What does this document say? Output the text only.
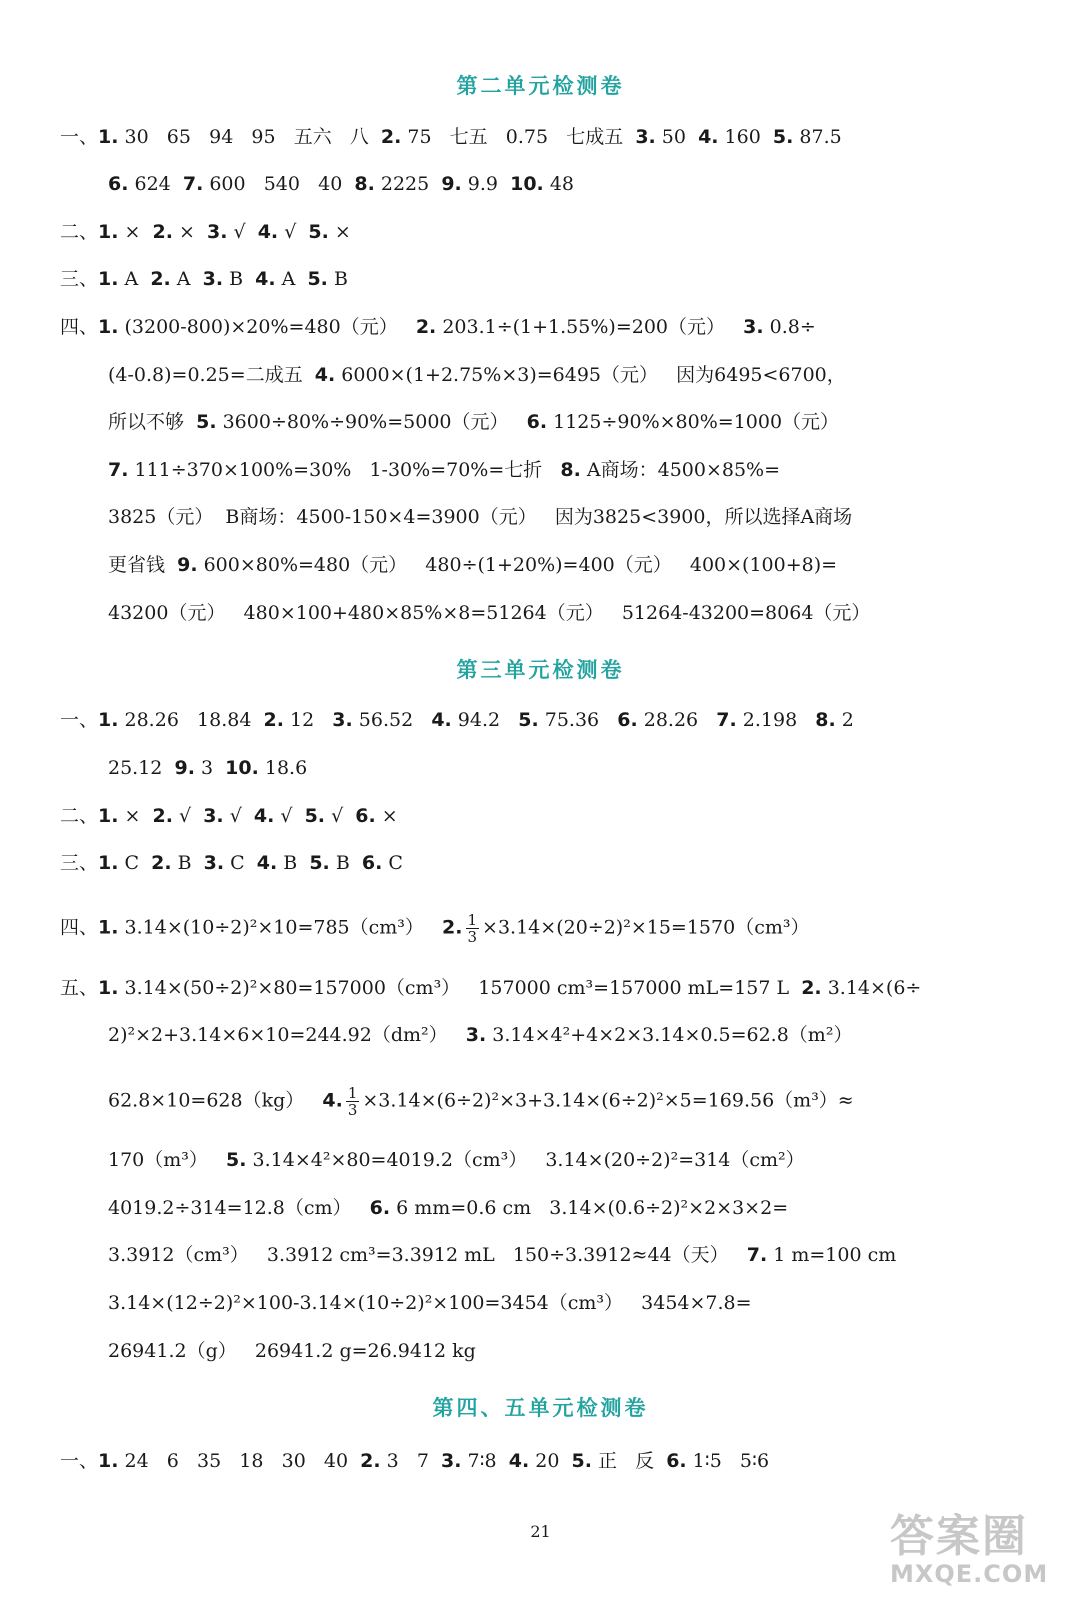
第二单元检测卷
一、1. 30   65   94   95   五六   八  2. 75   七五   0.75   七成五  3. 50  4. 160  5. 87.5
6. 624  7. 600   540   40  8. 2225  9. 9.9  10. 48
二、1. ×  2. ×  3. √  4. √  5. ×
三、1. A  2. A  3. B  4. A  5. B
四、1. (3200-800)×20%=480（元）   2. 203.1÷(1+1.55%)=200（元）   3. 0.8÷
(4-0.8)=0.25=二成五  4. 6000×(1+2.75%×3)=6495（元）   因为6495<6700，
所以不够  5. 3600÷80%÷90%=5000（元）   6. 1125÷90%×80%=1000（元）
7. 111÷370×100%=30%   1-30%=70%=七折   8. A商场：4500×85%=
3825（元）  B商场：4500-150×4=3900（元）   因为3825<3900，所以选择A商场
更省钱  9. 600×80%=480（元）   480÷(1+20%)=400（元）   400×(100+8)=
43200（元）   480×100+480×85%×8=51264（元）   51264-43200=8064（元）
第三单元检测卷
一、1. 28.26   18.84  2. 12   3. 56.52   4. 94.2   5. 75.36   6. 28.26   7. 2.198   8. 2
25.12  9. 3  10. 18.6
二、1. ×  2. √  3. √  4. √  5. √  6. ×
三、1. C  2. B  3. C  4. B  5. B  6. C
四、1. 3.14×(10÷2)²×10=785（cm³）   2. $\frac{1}{3} \times 3.14\times(20\div 2)^2\times 15=1570(cm^3)$
五、1. 3.14×(50÷2)²×80=157000（cm³）   157000 cm³=157000 mL=157 L  2. 3.14×(6÷
2)²×2+3.14×6×10=244.92（dm²）   3. 3.14×4²+4×2×3.14×0.5=62.8（m²）
62.8×10=628（kg）   4. $\frac{1}{3} \times 3.14\times(6\div 2)^2\times 3+3.14\times(6\div 2)^2\times 5=169.56(m^3)\approx$
170（m³）   5. 3.14×4²×80=4019.2（cm³）   3.14×(20÷2)²=314（cm²）
4019.2÷314=12.8（cm）   6. 6 mm=0.6 cm   3.14×(0.6÷2)²×2×3×2=
3.3912（cm³）   3.3912 cm³=3.3912 mL   150÷3.3912≈44（天）   7. 1 m=100 cm
3.14×(12÷2)²×100-3.14×(10÷2)²×100=3454（cm³）   3454×7.8=
26941.2（g）   26941.2 g=26.9412 kg
第四、五单元检测卷
一、1. 24   6   35   18   30   40  2. 3   7  3. 7∶8  4. 20  5. 正   反  6. 1∶5   5∶6
21	答案圈
MXQE.COM
